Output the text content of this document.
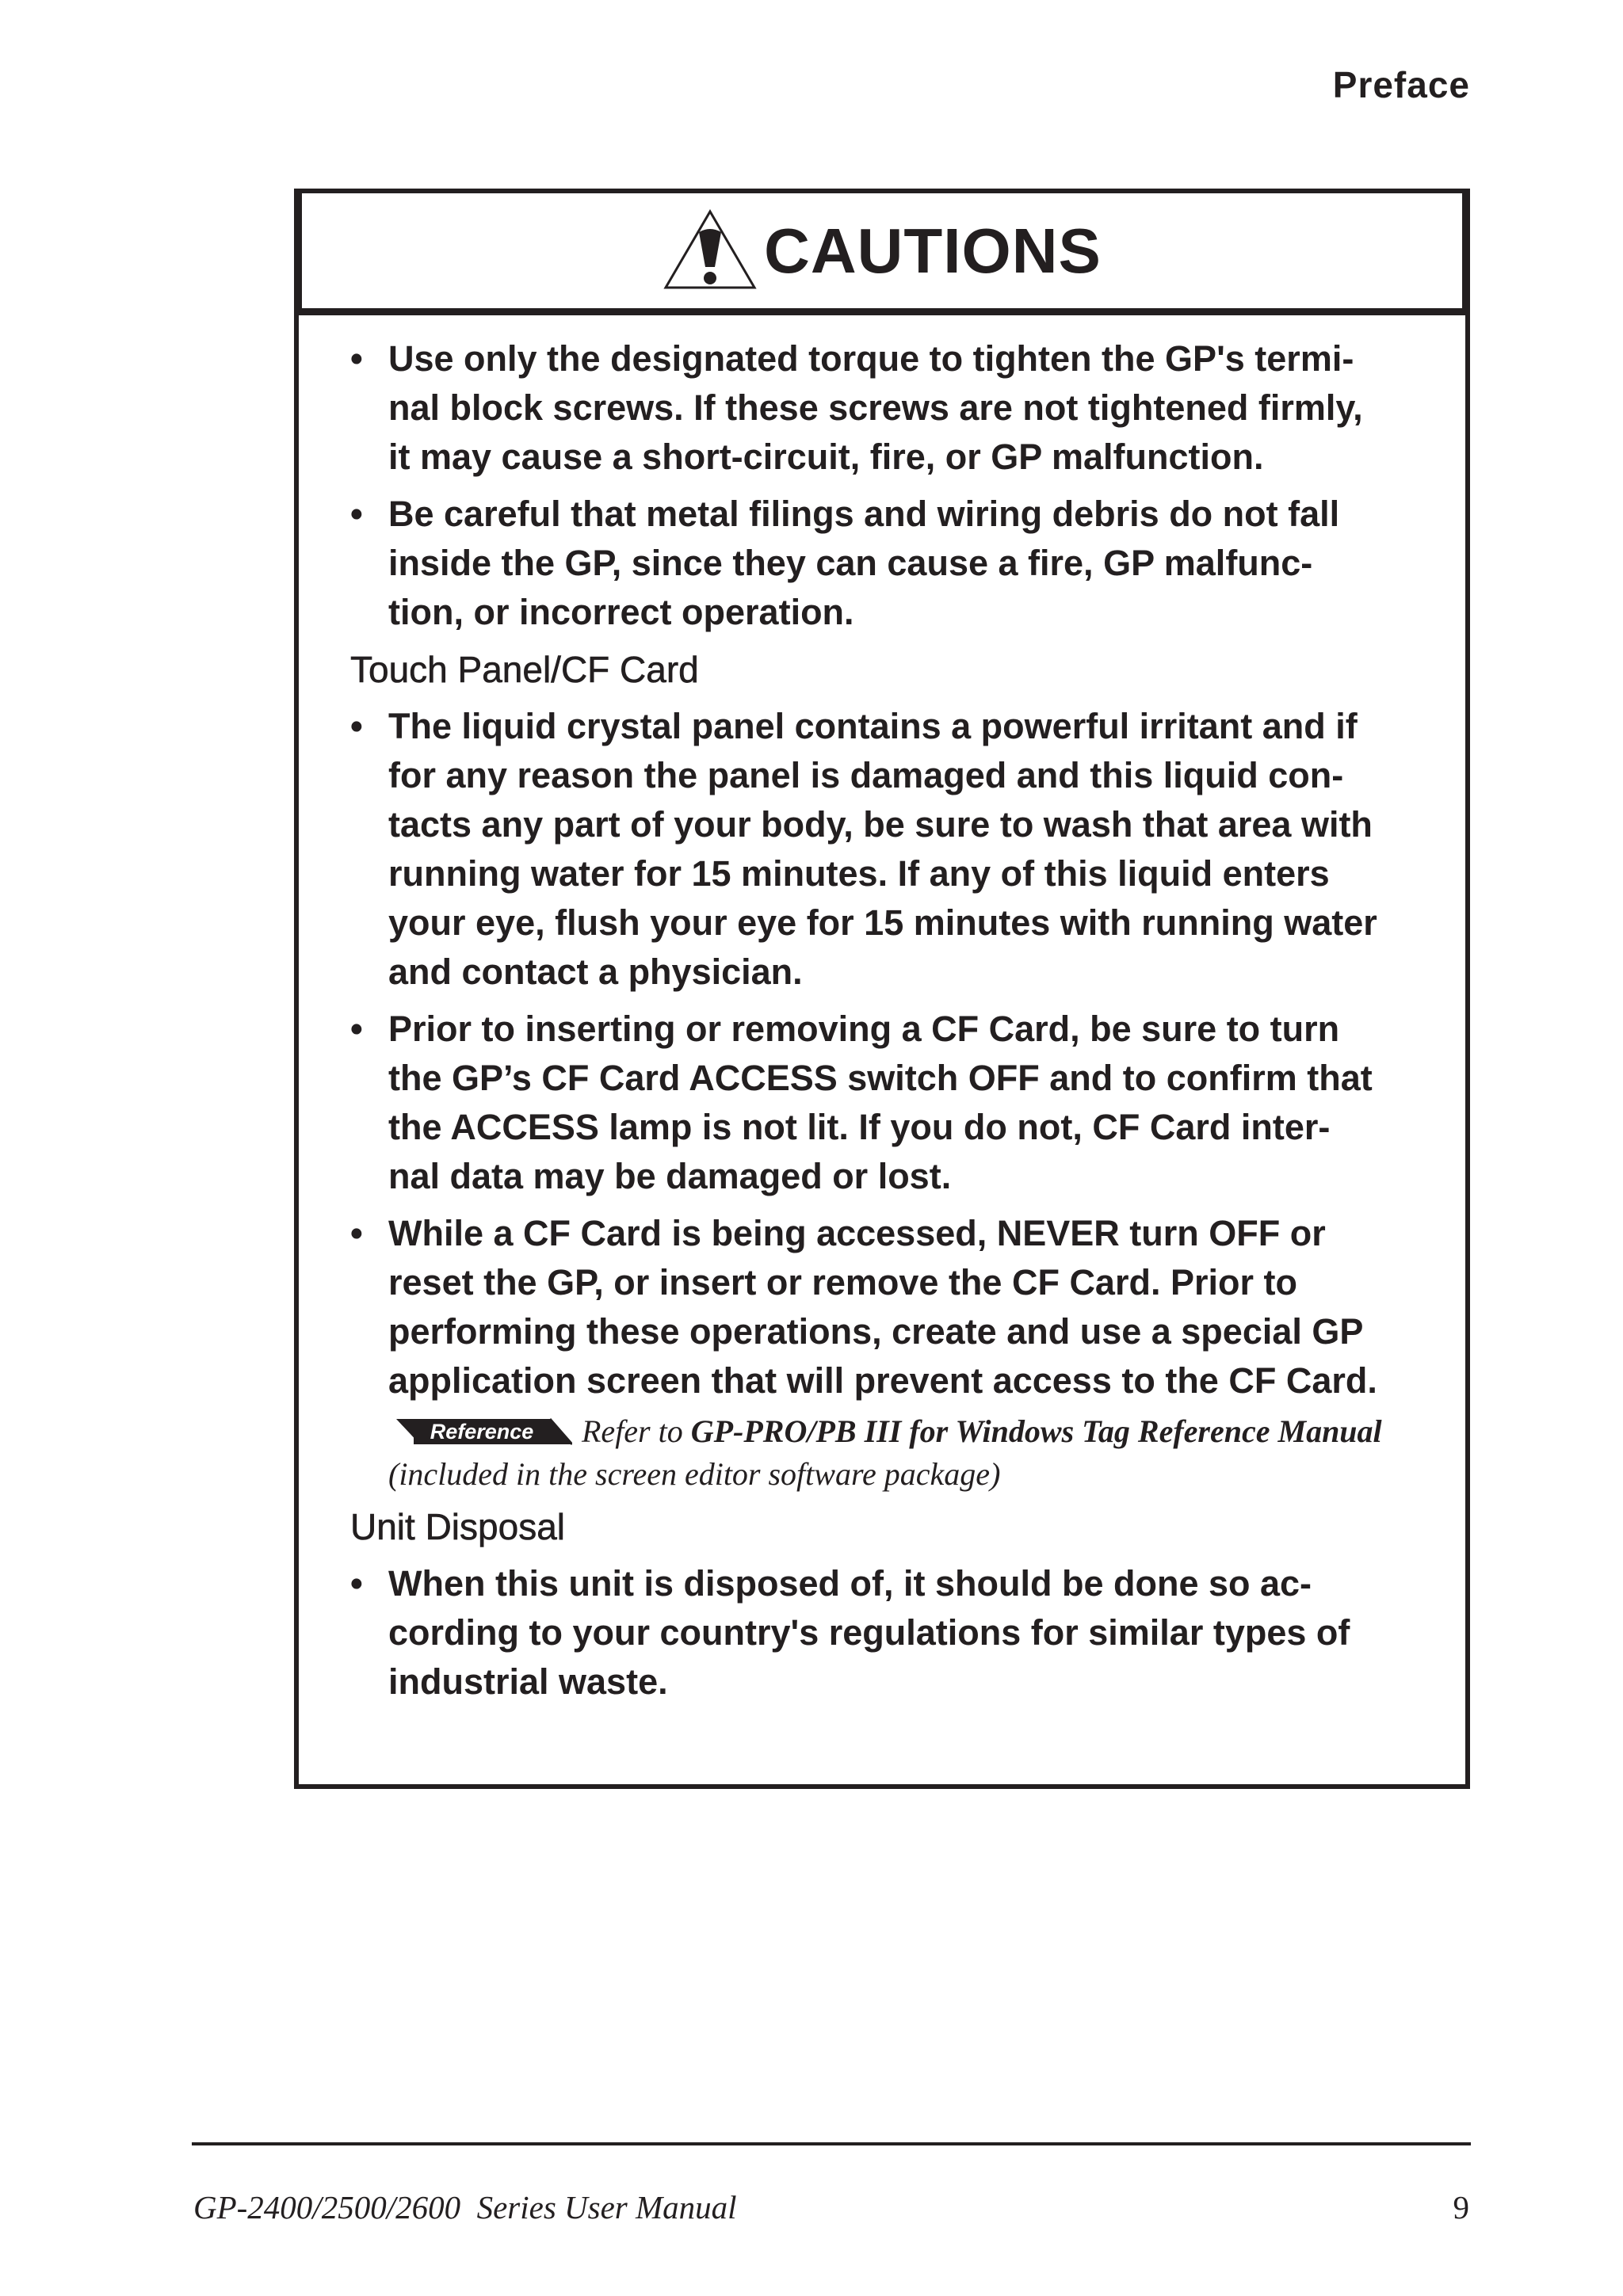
Preface
CAUTIONS
• Use only the designated torque to tighten the GP's termi-
nal block screws. If these screws are not tightened firmly,
it may cause a short-circuit, fire, or GP malfunction.
• Be careful that metal filings and wiring debris do not fall
inside the GP, since they can cause a fire, GP malfunc-
tion, or incorrect operation.
Touch Panel/CF Card
• The liquid crystal panel contains a powerful irritant and if
for any reason the panel is damaged and this liquid con-
tacts any part of your body, be sure to wash that area with
running water for 15 minutes. If any of this liquid enters
your eye, flush your eye for 15 minutes with running water
and contact a physician.
• Prior to inserting or removing a CF Card, be sure to turn
the GP’s CF Card ACCESS switch OFF and to confirm that
the ACCESS lamp is not lit. If you do not, CF Card inter-
nal data may be damaged or lost.
• While a CF Card is being accessed, NEVER turn OFF or
reset the GP, or insert or remove the CF Card. Prior to
performing these operations, create and use a special GP
application screen that will prevent access to the CF Card.
Reference Refer to GP-PRO/PB III for Windows Tag Reference Manual
(included in the screen editor software package)
Unit Disposal
• When this unit is disposed of, it should be done so ac-
cording to your country's regulations for similar types of
industrial waste.
GP-2400/2500/2600  Series User Manual	9
